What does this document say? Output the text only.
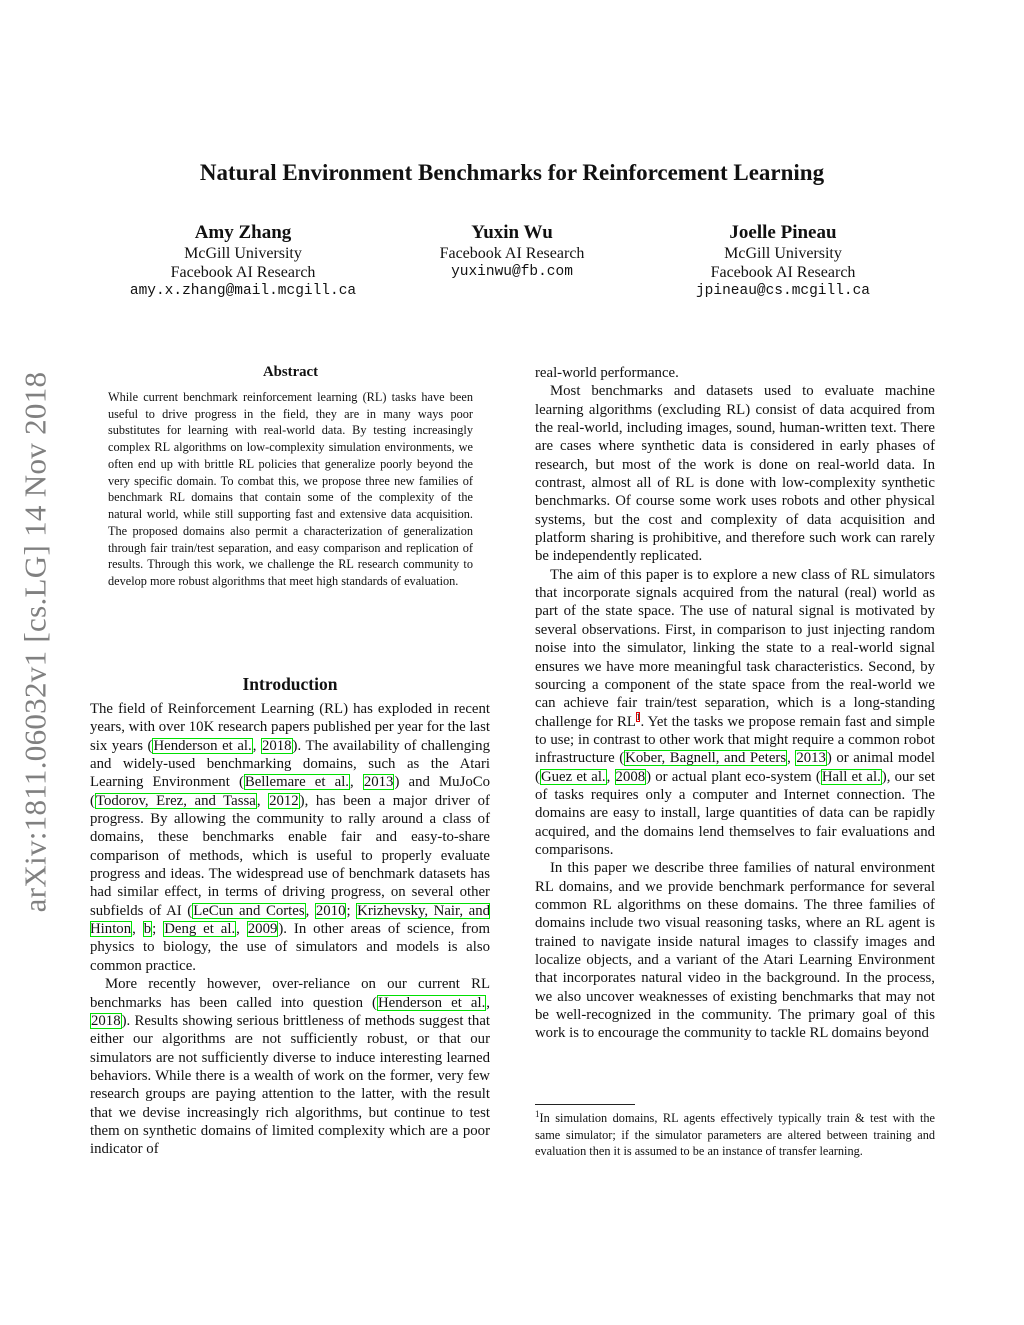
arXiv:1811.06032v1 [cs.LG] 14 Nov 2018
Natural Environment Benchmarks for Reinforcement Learning
Amy Zhang
McGill University
Facebook AI Research
amy.x.zhang@mail.mcgill.ca
Yuxin Wu
Facebook AI Research
yuxinwu@fb.com
Joelle Pineau
McGill University
Facebook AI Research
jpineau@cs.mcgill.ca
Abstract

While current benchmark reinforcement learning (RL) tasks have been useful to drive progress in the field, they are in many ways poor substitutes for learning with real-world data. By testing increasingly complex RL algorithms on low-complexity simulation environments, we often end up with brittle RL policies that generalize poorly beyond the very specific domain. To combat this, we propose three new families of benchmark RL domains that contain some of the complexity of the natural world, while still supporting fast and extensive data acquisition. The proposed domains also permit a characterization of generalization through fair train/test separation, and easy comparison and replication of results. Through this work, we challenge the RL research community to develop more robust algorithms that meet high standards of evaluation.

Introduction

The field of Reinforcement Learning (RL) has exploded in recent years, with over 10K research papers published per year for the last six years (Henderson et al., 2018). The availability of challenging and widely-used benchmarking domains, such as the Atari Learning Environment (Bellemare et al., 2013) and MuJoCo (Todorov, Erez, and Tassa, 2012), has been a major driver of progress. By allowing the community to rally around a class of domains, these benchmarks enable fair and easy-to-share comparison of methods, which is useful to properly evaluate progress and ideas. The widespread use of benchmark datasets has had similar effect, in terms of driving progress, on several other subfields of AI (LeCun and Cortes, 2010; Krizhevsky, Nair, and Hinton, b; Deng et al., 2009). In other areas of science, from physics to biology, the use of simulators and models is also common practice.

More recently however, over-reliance on our current RL benchmarks has been called into question (Henderson et al., 2018). Results showing serious brittleness of methods suggest that either our algorithms are not sufficiently robust, or that our simulators are not sufficiently diverse to induce interesting learned behaviors. While there is a wealth of work on the former, very few research groups are paying attention to the latter, with the result that we devise increasingly rich algorithms, but continue to test them on synthetic domains of limited complexity which are a poor indicator of

real-world performance.

Most benchmarks and datasets used to evaluate machine learning algorithms (excluding RL) consist of data acquired from the real-world, including images, sound, human-written text. There are cases where synthetic data is considered in early phases of research, but most of the work is done on real-world data. In contrast, almost all of RL is done with low-complexity synthetic benchmarks. Of course some work uses robots and other physical systems, but the cost and complexity of data acquisition and platform sharing is prohibitive, and therefore such work can rarely be independently replicated.

The aim of this paper is to explore a new class of RL simulators that incorporate signals acquired from the natural (real) world as part of the state space. The use of natural signal is motivated by several observations. First, in comparison to just injecting random noise into the simulator, linking the state to a real-world signal ensures we have more meaningful task characteristics. Second, by sourcing a component of the state space from the real-world we can achieve fair train/test separation, which is a long-standing challenge for RL$^1$. Yet the tasks we propose remain fast and simple to use; in contrast to other work that might require a common robot infrastructure (Kober, Bagnell, and Peters, 2013) or animal model (Guez et al., 2008) or actual plant eco-system (Hall et al.), our set of tasks requires only a computer and Internet connection. The domains are easy to install, large quantities of data can be rapidly acquired, and the domains lend themselves to fair evaluations and comparisons.

In this paper we describe three families of natural environment RL domains, and we provide benchmark performance for several common RL algorithms on these domains. The three families of domains include two visual reasoning tasks, where an RL agent is trained to navigate inside natural images to classify images and localize objects, and a variant of the Atari Learning Environment that incorporates natural video in the background. In the process, we also uncover weaknesses of existing benchmarks that may not be well-recognized in the community. The primary goal of this work is to encourage the community to tackle RL domains beyond

$^1$In simulation domains, RL agents effectively typically train & test with the same simulator; if the simulator parameters are altered between training and evaluation then it is assumed to be an instance of transfer learning.
